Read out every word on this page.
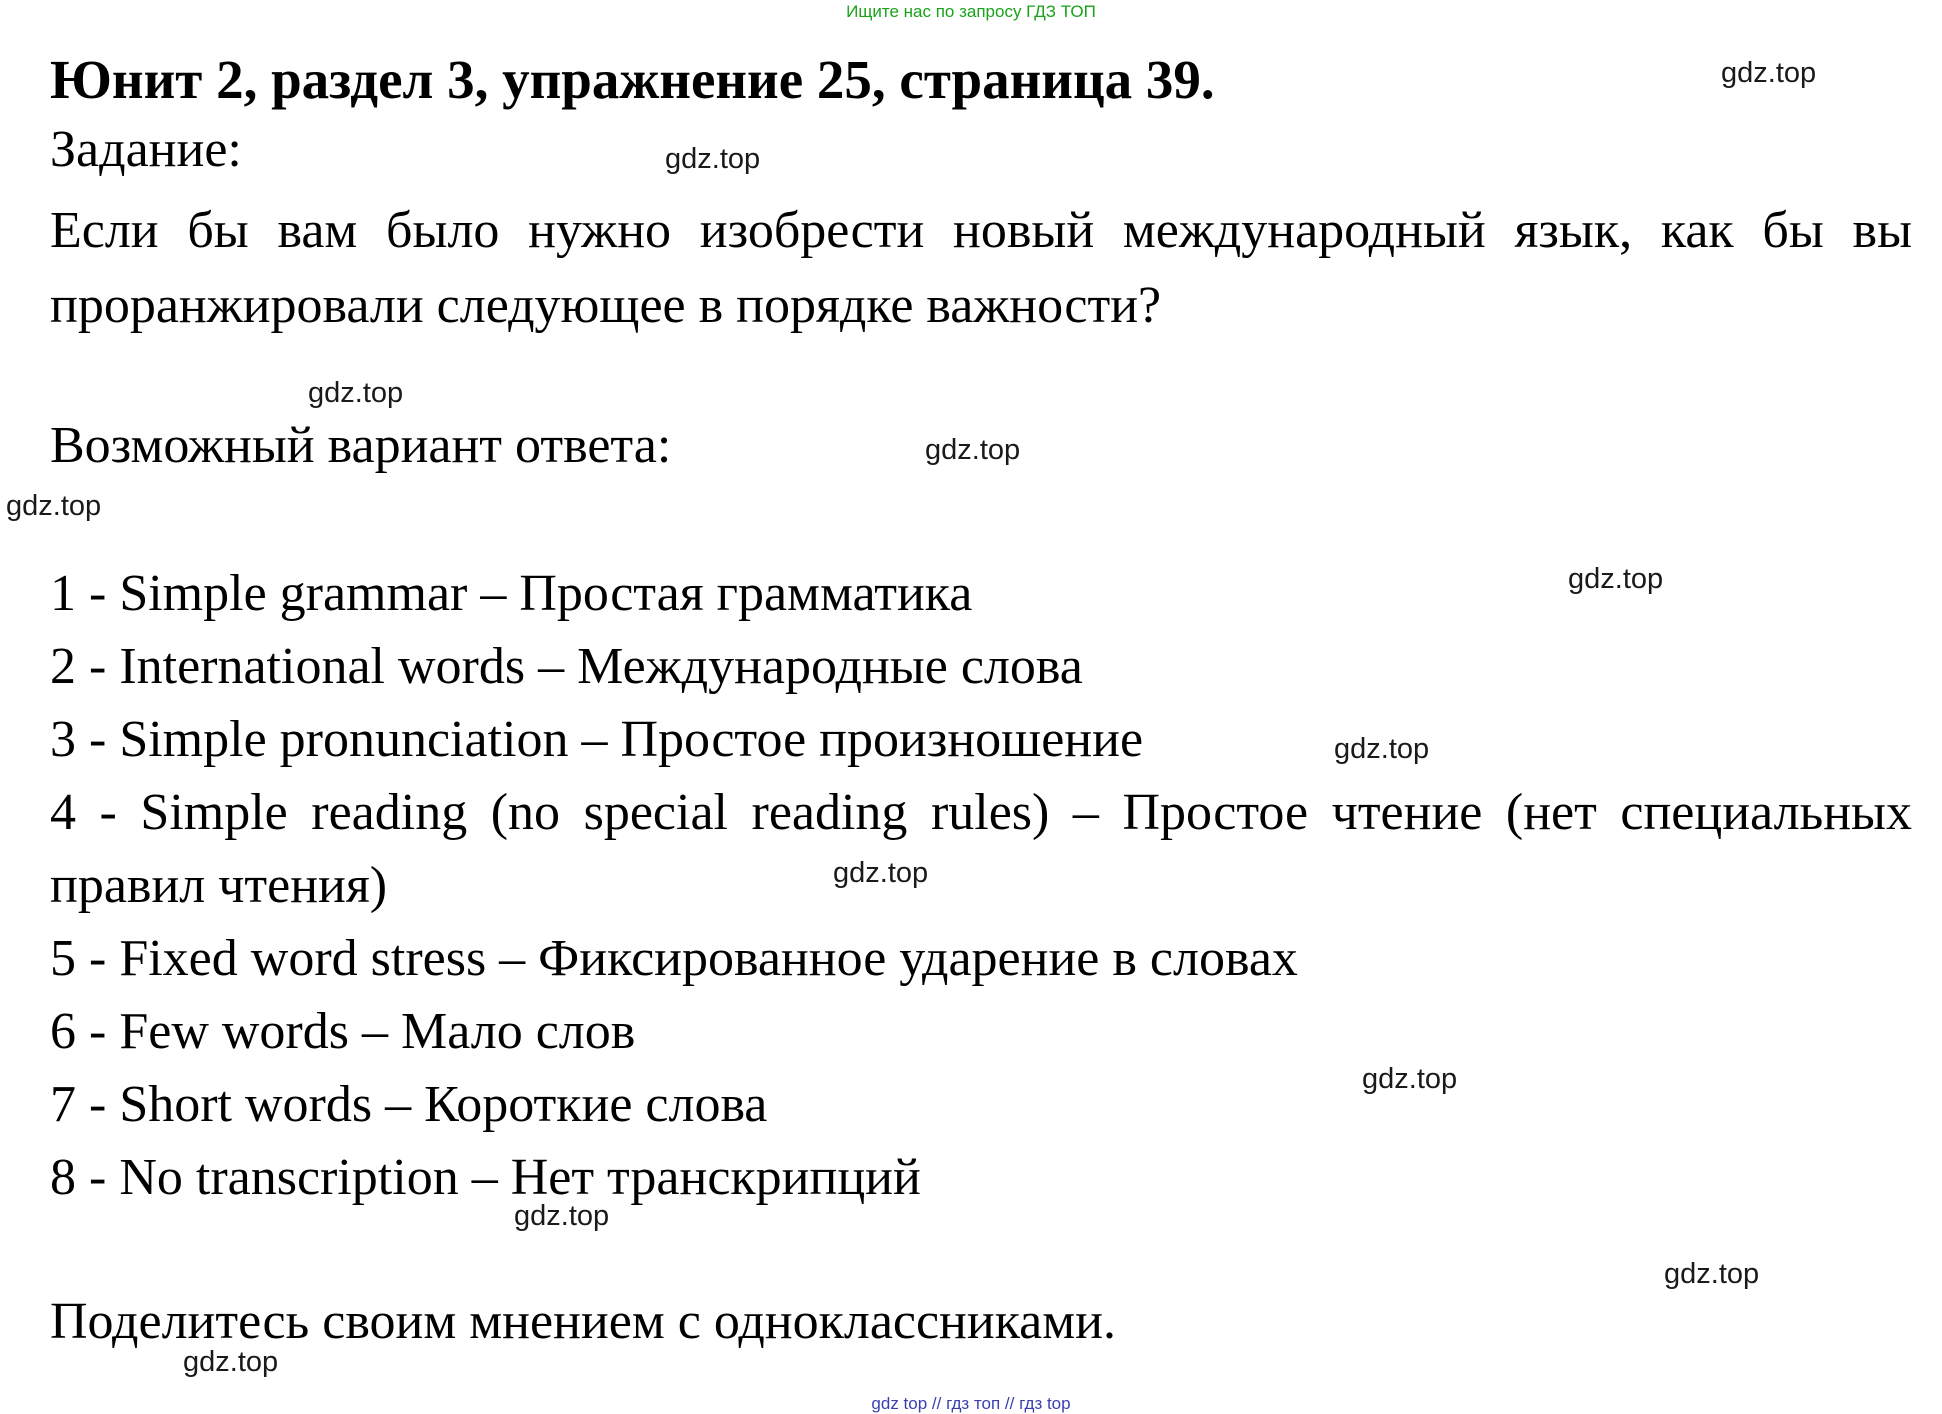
Ищите нас по запросу ГДЗ ТОП
Юнит 2, раздел 3, упражнение 25, страница 39.
Задание:
Если бы вам было нужно изобрести новый международный язык, как бы вы проранжировали следующее в порядке важности?
Возможный вариант ответа:
1 - Simple grammar – Простая грамматика
2 - International words – Международные слова
3 - Simple pronunciation – Простое произношение
4 - Simple reading (no special reading rules) – Простое чтение (нет специальных правил чтения)
5 - Fixed word stress – Фиксированное ударение в словах
6 - Few words – Мало слов
7 - Short words – Короткие слова
8 - No transcription – Нет транскрипций
Поделитесь своим мнением с одноклассниками.
gdz.top
gdz.top
gdz.top
gdz.top
gdz.top
gdz.top
gdz.top
gdz.top
gdz.top
gdz.top
gdz.top
gdz.top
gdz top // гдз топ // гдз top
